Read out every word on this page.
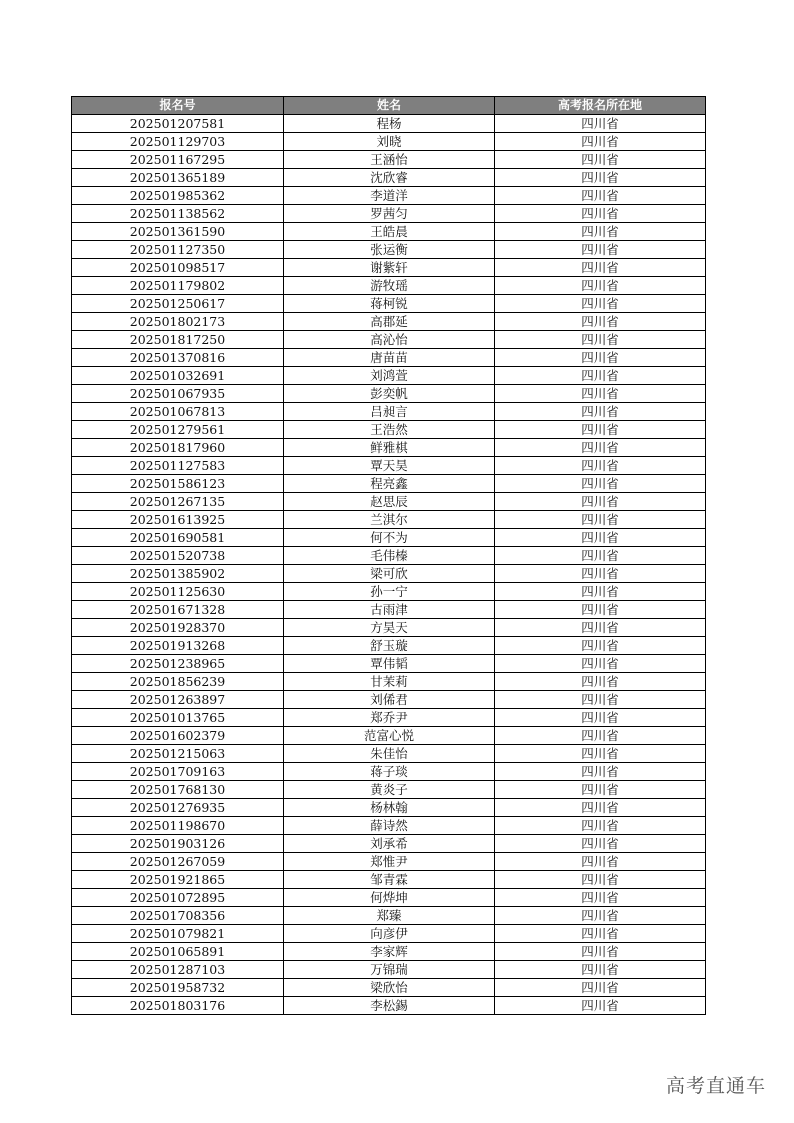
报名号	姓名	高考报名所在地
202501207581	程杨	四川省
202501129703	刘晓	四川省
202501167295	王涵怡	四川省
202501365189	沈欣睿	四川省
202501985362	李道洋	四川省
202501138562	罗茜匀	四川省
202501361590	王皓晨	四川省
202501127350	张运衡	四川省
202501098517	谢紫轩	四川省
202501179802	游牧瑶	四川省
202501250617	蒋柯锐	四川省
202501802173	高郡延	四川省
202501817250	高沁怡	四川省
202501370816	唐苗苗	四川省
202501032691	刘鸿萱	四川省
202501067935	彭奕帆	四川省
202501067813	吕昶言	四川省
202501279561	王浩然	四川省
202501817960	鲜雅棋	四川省
202501127583	覃天昊	四川省
202501586123	程亮鑫	四川省
202501267135	赵思辰	四川省
202501613925	兰淇尔	四川省
202501690581	何不为	四川省
202501520738	毛伟榛	四川省
202501385902	梁可欣	四川省
202501125630	孙一宁	四川省
202501671328	古雨津	四川省
202501928370	方昊天	四川省
202501913268	舒玉璇	四川省
202501238965	覃伟韬	四川省
202501856239	甘茉莉	四川省
202501263897	刘俙君	四川省
202501013765	郑乔尹	四川省
202501602379	范富心悦	四川省
202501215063	朱佳怡	四川省
202501709163	蒋子琰	四川省
202501768130	黄炎子	四川省
202501276935	杨林翰	四川省
202501198670	薛诗然	四川省
202501903126	刘承希	四川省
202501267059	郑惟尹	四川省
202501921865	邹青霖	四川省
202501072895	何烨坤	四川省
202501708356	郑臻	四川省
202501079821	向彦伊	四川省
202501065891	李家辉	四川省
202501287103	万锦瑞	四川省
202501958732	梁欣怡	四川省
202501803176	李松錫	四川省
高考直通车
